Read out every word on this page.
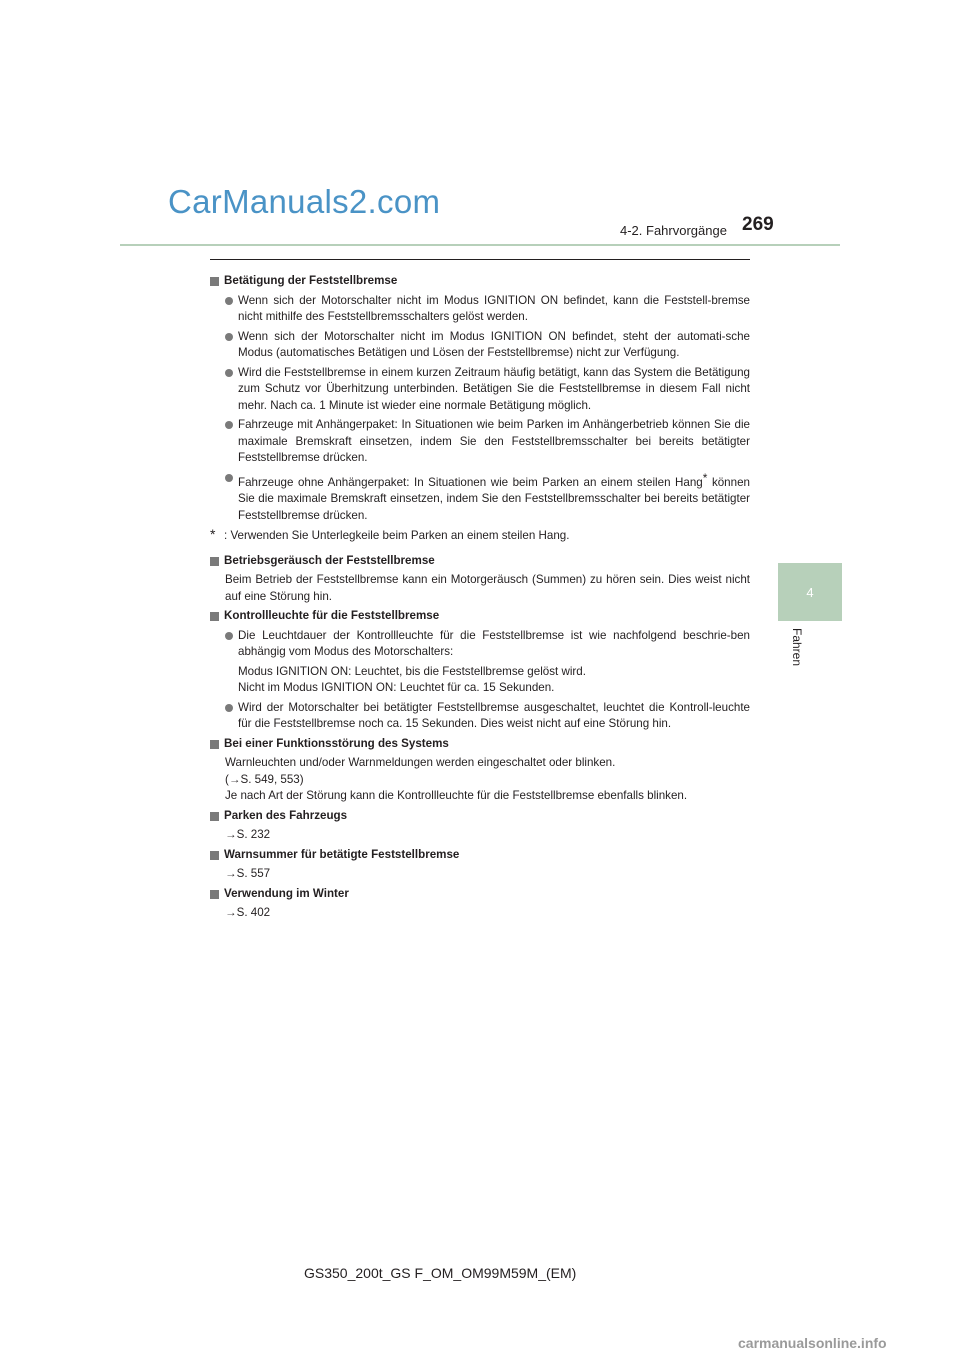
CarManuals2.com
4-2. Fahrvorgänge 269
4
Fahren
Betätigung der Feststellbremse
Wenn sich der Motorschalter nicht im Modus IGNITION ON befindet, kann die Feststell-bremse nicht mithilfe des Feststellbremsschalters gelöst werden.
Wenn sich der Motorschalter nicht im Modus IGNITION ON befindet, steht der automati-sche Modus (automatisches Betätigen und Lösen der Feststellbremse) nicht zur Verfügung.
Wird die Feststellbremse in einem kurzen Zeitraum häufig betätigt, kann das System die Betätigung zum Schutz vor Überhitzung unterbinden. Betätigen Sie die Feststellbremse in diesem Fall nicht mehr. Nach ca. 1 Minute ist wieder eine normale Betätigung möglich.
Fahrzeuge mit Anhängerpaket: In Situationen wie beim Parken im Anhängerbetrieb können Sie die maximale Bremskraft einsetzen, indem Sie den Feststellbremsschalter bei bereits betätigter Feststellbremse drücken.
Fahrzeuge ohne Anhängerpaket: In Situationen wie beim Parken an einem steilen Hang* können Sie die maximale Bremskraft einsetzen, indem Sie den Feststellbremsschalter bei bereits betätigter Feststellbremse drücken.
* : Verwenden Sie Unterlegkeile beim Parken an einem steilen Hang.
Betriebsgeräusch der Feststellbremse
Beim Betrieb der Feststellbremse kann ein Motorgeräusch (Summen) zu hören sein. Dies weist nicht auf eine Störung hin.
Kontrollleuchte für die Feststellbremse
Die Leuchtdauer der Kontrollleuchte für die Feststellbremse ist wie nachfolgend beschrie-ben abhängig vom Modus des Motorschalters:
Modus IGNITION ON: Leuchtet, bis die Feststellbremse gelöst wird.
Nicht im Modus IGNITION ON: Leuchtet für ca. 15 Sekunden.
Wird der Motorschalter bei betätigter Feststellbremse ausgeschaltet, leuchtet die Kontroll-leuchte für die Feststellbremse noch ca. 15 Sekunden. Dies weist nicht auf eine Störung hin.
Bei einer Funktionsstörung des Systems
Warnleuchten und/oder Warnmeldungen werden eingeschaltet oder blinken.
(→S. 549, 553)
Je nach Art der Störung kann die Kontrollleuchte für die Feststellbremse ebenfalls blinken.
Parken des Fahrzeugs
→S. 232
Warnsummer für betätigte Feststellbremse
→S. 557
Verwendung im Winter
→S. 402
GS350_200t_GS F_OM_OM99M59M_(EM)
carmanualsonline.info
